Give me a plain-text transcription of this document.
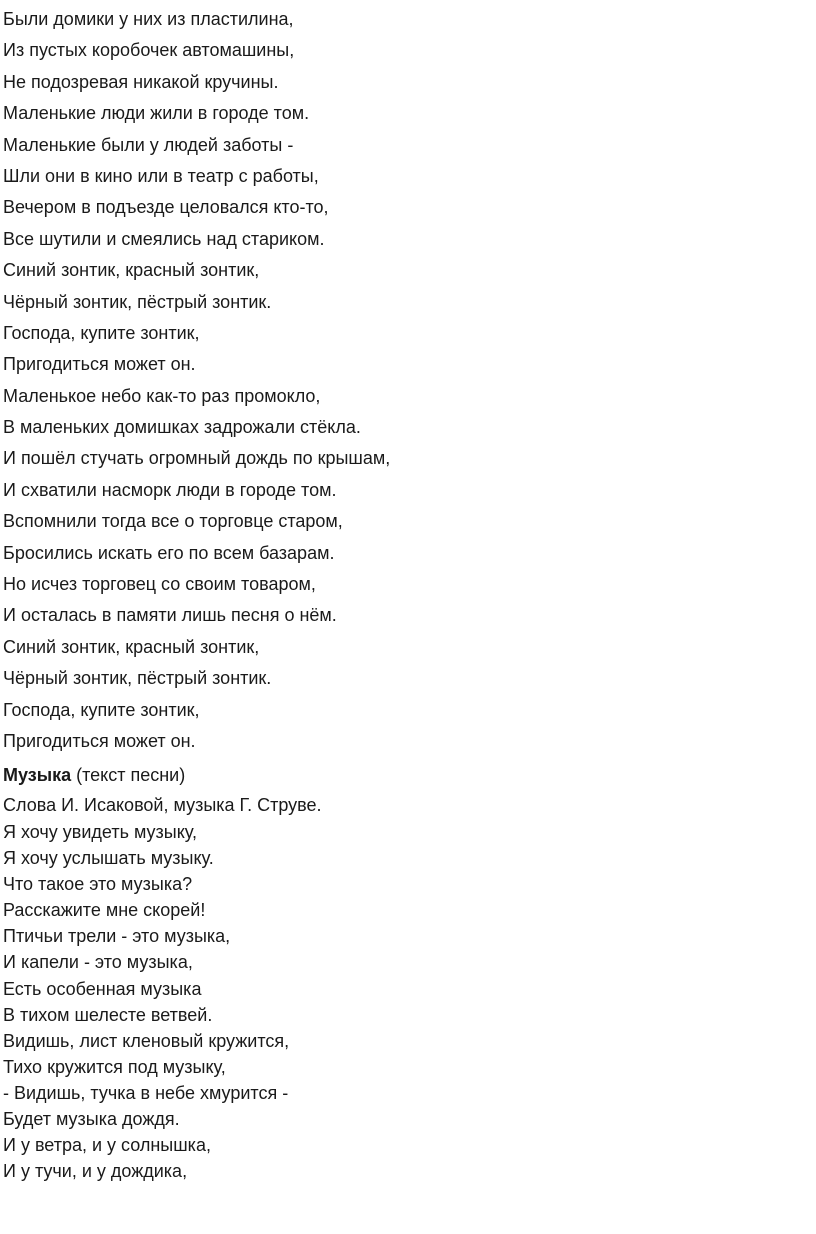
Были домики у них из пластилина,
Из пустых коробочек автомашины,
Не подозревая никакой кручины.
Маленькие люди жили в городе том.
Маленькие были у людей заботы -
Шли они в кино или в театр с работы,
Вечером в подъезде целовался кто-то,
Все шутили и смеялись над стариком.
Синий зонтик, красный зонтик,
Чёрный зонтик, пёстрый зонтик.
Господа, купите зонтик,
Пригодиться может он.
Маленькое небо как-то раз промокло,
В маленьких домишках задрожали стёкла.
И пошёл стучать огромный дождь по крышам,
И схватили насморк люди в городе том.
Вспомнили тогда все о торговце старом,
Бросились искать его по всем базарам.
Но исчез торговец со своим товаром,
И осталась в памяти лишь песня о нём.
Синий зонтик, красный зонтик,
Чёрный зонтик, пёстрый зонтик.
Господа, купите зонтик,
Пригодиться может он.
Музыка (текст песни)
Слова И. Исаковой, музыка Г. Струве.
Я хочу увидеть музыку,
Я хочу услышать музыку.
Что такое это музыка?
Расскажите мне скорей!
Птичьи трели - это музыка,
И капели - это музыка,
Есть особенная музыка
В тихом шелесте ветвей.
Видишь, лист кленовый кружится,
Тихо кружится под музыку,
- Видишь, тучка в небе хмурится -
Будет музыка дождя.
И у ветра, и у солнышка,
И у тучи, и у дождика,
